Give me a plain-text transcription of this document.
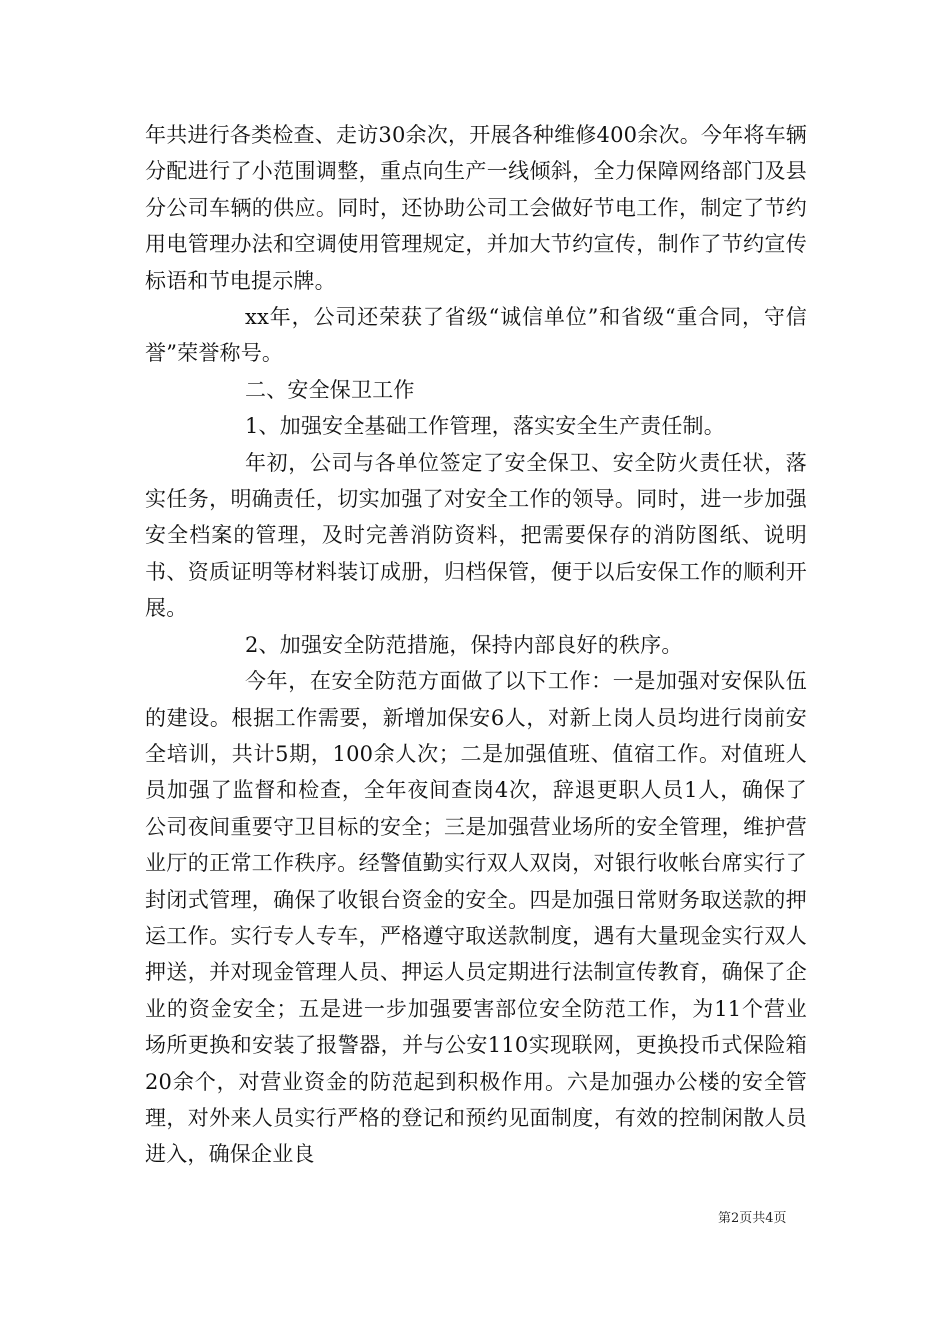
年共进行各类检查、走访30余次，开展各种维修400余次。今年将车辆分配进行了小范围调整，重点向生产一线倾斜，全力保障网络部门及县分公司车辆的供应。同时，还协助公司工会做好节电工作，制定了节约用电管理办法和空调使用管理规定，并加大节约宣传，制作了节约宣传标语和节电提示牌。

xx年，公司还荣获了省级“诚信单位”和省级“重合同，守信誉”荣誉称号。

二、安全保卫工作

1、加强安全基础工作管理，落实安全生产责任制。

年初，公司与各单位签定了安全保卫、安全防火责任状，落实任务，明确责任，切实加强了对安全工作的领导。同时，进一步加强安全档案的管理，及时完善消防资料，把需要保存的消防图纸、说明书、资质证明等材料装订成册，归档保管，便于以后安保工作的顺利开展。

2、加强安全防范措施，保持内部良好的秩序。

今年，在安全防范方面做了以下工作：一是加强对安保队伍的建设。根据工作需要，新增加保安6人，对新上岗人员均进行岗前安全培训，共计5期，100余人次；二是加强值班、值宿工作。对值班人员加强了监督和检查，全年夜间查岗4次，辞退更职人员1人，确保了公司夜间重要守卫目标的安全；三是加强营业场所的安全管理，维护营业厅的正常工作秩序。经警值勤实行双人双岗，对银行收帐台席实行了封闭式管理，确保了收银台资金的安全。四是加强日常财务取送款的押运工作。实行专人专车，严格遵守取送款制度，遇有大量现金实行双人押送，并对现金管理人员、押运人员定期进行法制宣传教育，确保了企业的资金安全；五是进一步加强要害部位安全防范工作，为11个营业场所更换和安装了报警器，并与公安110实现联网，更换投币式保险箱20余个，对营业资金的防范起到积极作用。六是加强办公楼的安全管理，对外来人员实行严格的登记和预约见面制度，有效的控制闲散人员进入，确保企业良

第2页共4页
